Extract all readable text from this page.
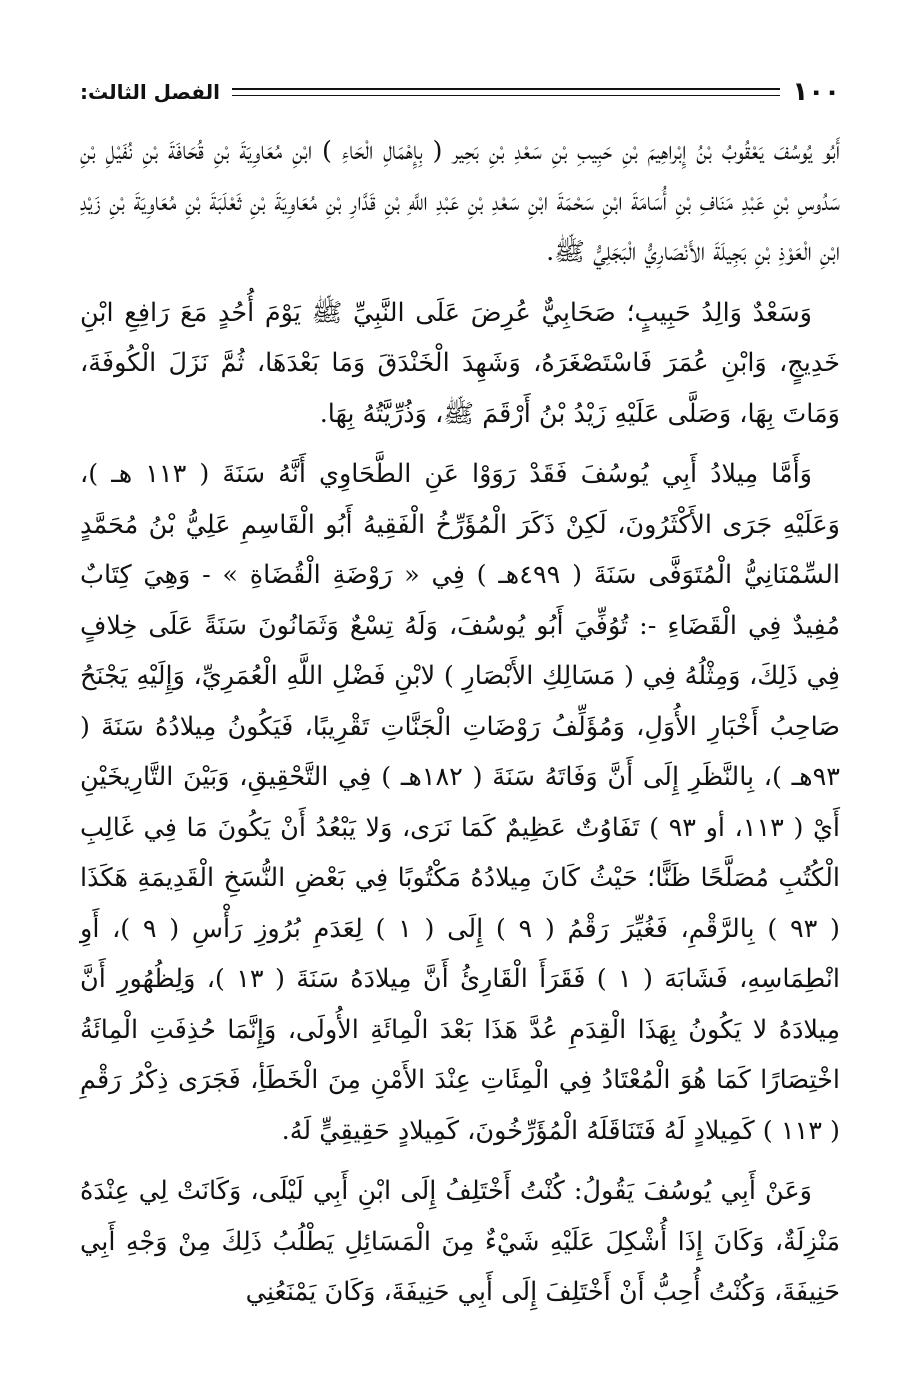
١٠٠
الفصل الثالث:

أَبُو يُوسُفَ يَعْقُوبُ بْنُ إِبْراهِيمَ بْنِ حَبِيبِ بْنِ سَعْدِ بْنِ بَحِير ( بِإِهْمَالِ الْحَاءِ ) ابْنِ مُعَاوِيَةَ بْنِ قُحَافَةَ بْنِ نُفَيْلِ بْنِ سَدُوسِ بْنِ عَبْدِ مَنَافِ بْنِ أُسَامَةَ ابْنِ سَحْمَةَ ابْنِ سَعْدِ بْنِ عَبْدِ اللَّهِ بْنِ قَدَّارِ بْنِ مُعَاوِيَةَ بْنِ ثَعْلَبَةَ بْنِ مُعَاوِيَةَ بْنِ زَيْدِ ابْنِ الْعَوْذِ بْنِ بَجِيلَةَ الأَنْصَارِيُّ الْبَجَلِيُّ ﷺ.

وَسَعْدٌ وَالِدُ حَبِيبٍ؛ صَحَابِيٌّ عُرِضَ عَلَى النَّبِيِّ ﷺ يَوْمَ أُحُدٍ مَعَ رَافِعِ ابْنِ خَدِيجٍ، وَابْنِ عُمَرَ فَاسْتَصْغَرَهُ، وَشَهِدَ الْخَنْدَقَ وَمَا بَعْدَهَا، ثُمَّ نَزَلَ الْكُوفَةَ، وَمَاتَ بِهَا، وَصَلَّى عَلَيْهِ زَيْدُ بْنُ أَرْقَمَ ﷺ، وَذُرِّيَّتُهُ بِهَا.

وَأَمَّا مِيلادُ أَبِي يُوسُفَ فَقَدْ رَوَوْا عَنِ الطَّحَاوِي أَنَّهُ سَنَةَ ( ١١٣ هـ )، وَعَلَيْهِ جَرَى الأَكْثَرُونَ، لَكِنْ ذَكَرَ الْمُؤَرِّخُ الْفَقِيهُ أَبُو الْقَاسِمِ عَلِيُّ بْنُ مُحَمَّدٍ السِّمْنَانِيُّ الْمُتَوَفَّى سَنَةَ ( ٤٩٩هـ ) فِي « رَوْضَةِ الْقُضَاةِ » - وَهِيَ كِتَابٌ مُفِيدٌ فِي الْقَضَاءِ -: تُوُفِّيَ أَبُو يُوسُفَ، وَلَهُ تِسْعٌ وَثَمَانُونَ سَنَةً عَلَى خِلافٍ فِي ذَلِكَ، وَمِثْلُهُ فِي ( مَسَالِكِ الأَبْصَارِ ) لابْنِ فَضْلِ اللَّهِ الْعُمَرِيِّ، وَإِلَيْهِ يَجْنَحُ صَاحِبُ أَخْبَارِ الأُوَلِ، وَمُؤَلِّفُ رَوْضَاتِ الْجَنَّاتِ تَقْرِيبًا، فَيَكُونُ مِيلادُهُ سَنَةَ ( ٩٣هـ )، بِالنَّظَرِ إِلَى أَنَّ وَفَاتَهُ سَنَةَ ( ١٨٢هـ ) فِي التَّحْقِيقِ، وَبَيْنَ التَّارِيخَيْنِ أَيْ ( ١١٣، أو ٩٣ ) تَفَاوُتٌ عَظِيمٌ كَمَا نَرَى، وَلا يَبْعُدُ أَنْ يَكُونَ مَا فِي غَالِبِ الْكُتُبِ مُصَلَّحًا ظَنًّا؛ حَيْثُ كَانَ مِيلادُهُ مَكْتُوبًا فِي بَعْضِ النُّسَخِ الْقَدِيمَةِ هَكَذَا ( ٩٣ ) بِالرَّقْمِ، فَغُيِّرَ رَقْمُ ( ٩ ) إِلَى ( ١ ) لِعَدَمِ بُرُوزِ رَأْسِ ( ٩ )، أَوِ انْطِمَاسِهِ، فَشَابَهَ ( ١ ) فَقَرَأَ الْقَارِئُ أَنَّ مِيلادَهُ سَنَةَ ( ١٣ )، وَلِظُهُورِ أَنَّ مِيلادَهُ لا يَكُونُ بِهَذَا الْقِدَمِ عُدَّ هَذَا بَعْدَ الْمِائَةِ الأُولَى، وَإِنَّمَا حُذِفَتِ الْمِائَةُ اخْتِصَارًا كَمَا هُوَ الْمُعْتَادُ فِي الْمِئَاتِ عِنْدَ الأَمْنِ مِنَ الْخَطَأِ، فَجَرَى ذِكْرُ رَقْمِ ( ١١٣ ) كَمِيلادٍ لَهُ فَتَنَاقَلَهُ الْمُؤَرِّخُونَ، كَمِيلادٍ حَقِيقِيٍّ لَهُ.

وَعَنْ أَبِي يُوسُفَ يَقُولُ: كُنْتُ أَخْتَلِفُ إِلَى ابْنِ أَبِي لَيْلَى، وَكَانَتْ لِي عِنْدَهُ مَنْزِلَةٌ، وَكَانَ إِذَا أُشْكِلَ عَلَيْهِ شَيْءٌ مِنَ الْمَسَائِلِ يَطْلُبُ ذَلِكَ مِنْ وَجْهِ أَبِي حَنِيفَةَ، وَكُنْتُ أُحِبُّ أَنْ أَخْتَلِفَ إِلَى أَبِي حَنِيفَةَ، وَكَانَ يَمْنَعُنِي
